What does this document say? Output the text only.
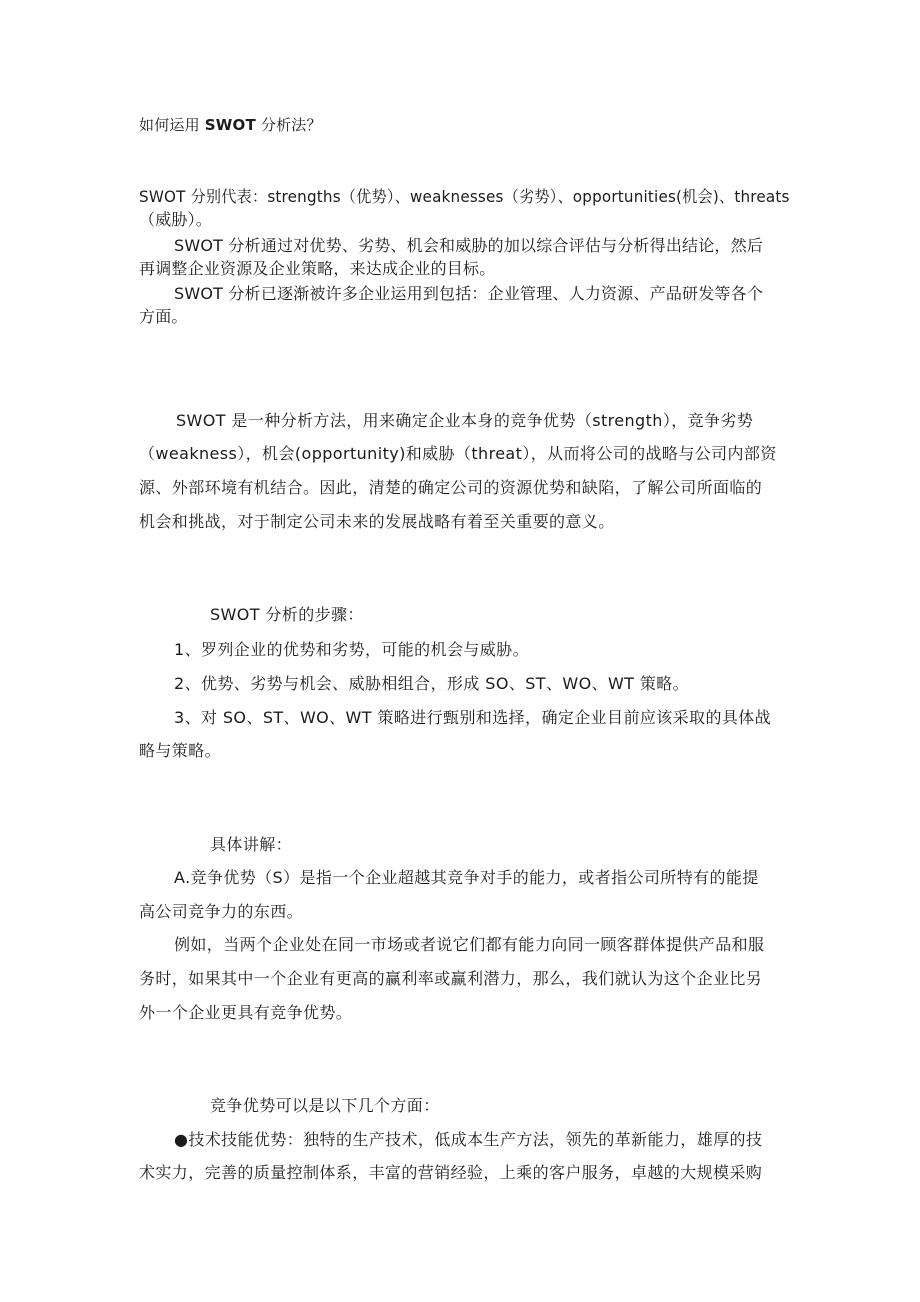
如何运用 SWOT 分析法？
SWOT 分别代表：strengths（优势）、weaknesses（劣势）、opportunities(机会)、threats
（威胁）。
SWOT 分析通过对优势、劣势、机会和威胁的加以综合评估与分析得出结论，然后
再调整企业资源及企业策略，来达成企业的目标。
SWOT 分析已逐渐被许多企业运用到包括：企业管理、人力资源、产品研发等各个
方面。
SWOT 是一种分析方法，用来确定企业本身的竞争优势（strength），竞争劣势
（weakness），机会(opportunity)和威胁（threat），从而将公司的战略与公司内部资
源、外部环境有机结合。因此，清楚的确定公司的资源优势和缺陷，了解公司所面临的
机会和挑战，对于制定公司未来的发展战略有着至关重要的意义。
SWOT 分析的步骤：
1、罗列企业的优势和劣势，可能的机会与威胁。
2、优势、劣势与机会、威胁相组合，形成 SO、ST、WO、WT 策略。
3、对 SO、ST、WO、WT 策略进行甄别和选择，确定企业目前应该采取的具体战
略与策略。
具体讲解：
A.竞争优势（S）是指一个企业超越其竞争对手的能力，或者指公司所特有的能提
高公司竞争力的东西。
例如，当两个企业处在同一市场或者说它们都有能力向同一顾客群体提供产品和服
务时，如果其中一个企业有更高的赢利率或赢利潜力，那么，我们就认为这个企业比另
外一个企业更具有竞争优势。
竞争优势可以是以下几个方面：
●技术技能优势：独特的生产技术，低成本生产方法，领先的革新能力，雄厚的技
术实力，完善的质量控制体系，丰富的营销经验，上乘的客户服务，卓越的大规模采购
